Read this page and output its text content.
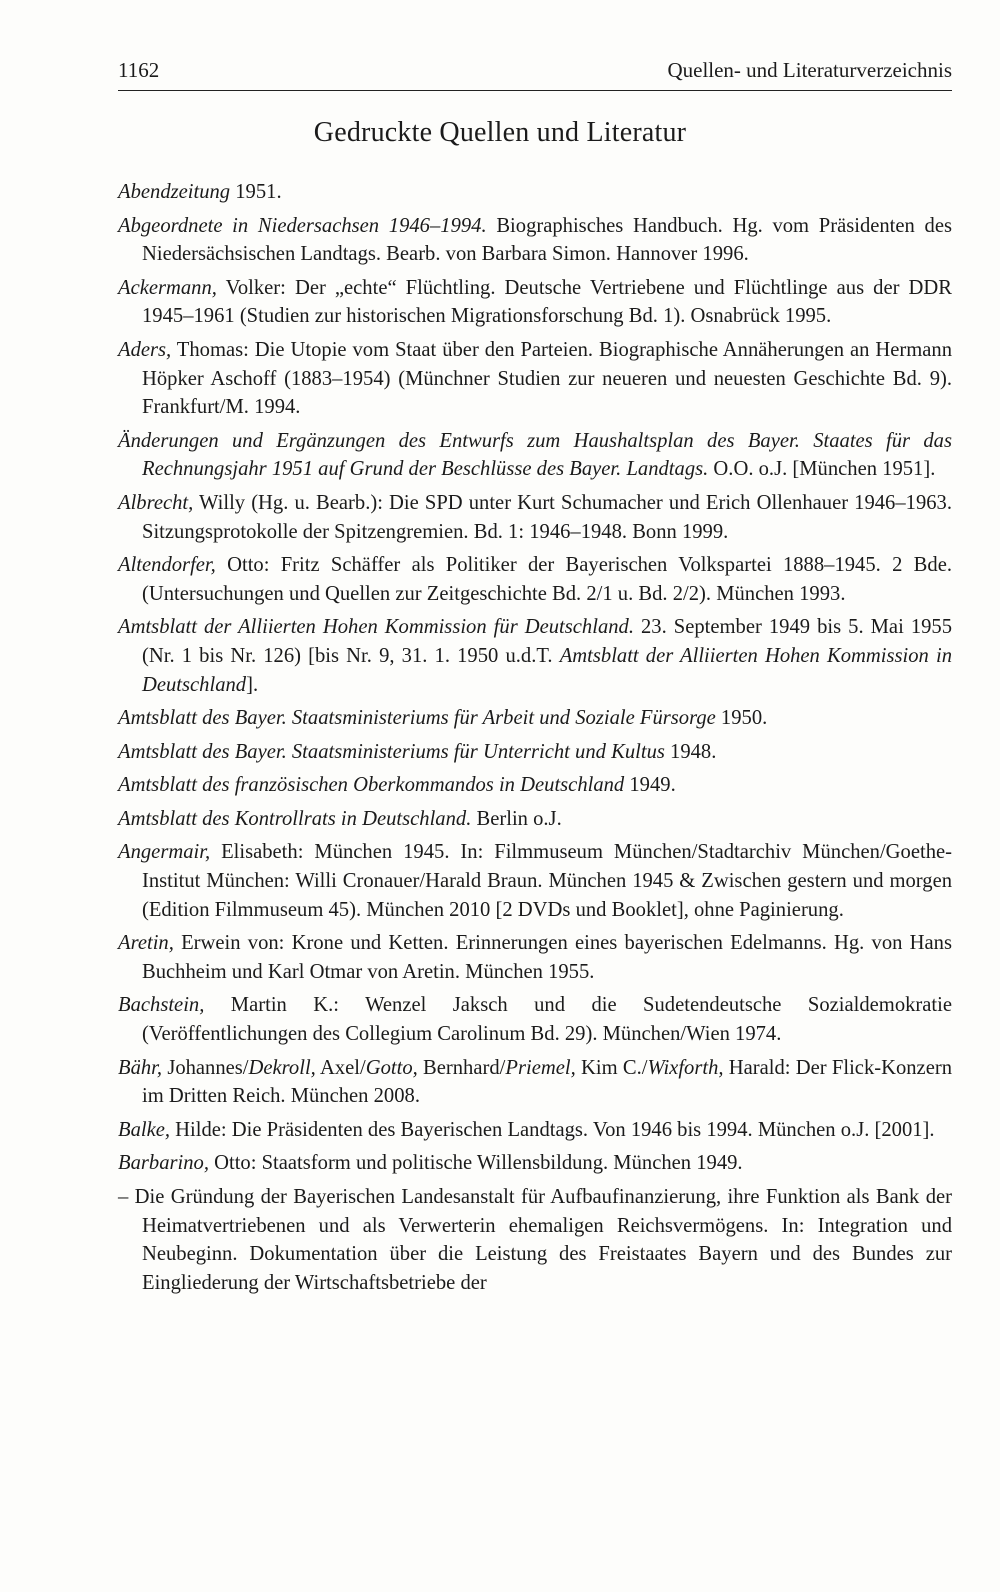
1162	Quellen- und Literaturverzeichnis
Gedruckte Quellen und Literatur

Abendzeitung 1951.

Abgeordnete in Niedersachsen 1946–1994. Biographisches Handbuch. Hg. vom Präsidenten des Niedersächsischen Landtags. Bearb. von Barbara Simon. Hannover 1996.

Ackermann, Volker: Der „echte“ Flüchtling. Deutsche Vertriebene und Flüchtlinge aus der DDR 1945–1961 (Studien zur historischen Migrationsforschung Bd. 1). Osnabrück 1995.

Aders, Thomas: Die Utopie vom Staat über den Parteien. Biographische Annäherungen an Hermann Höpker Aschoff (1883–1954) (Münchner Studien zur neueren und neuesten Geschichte Bd. 9). Frankfurt/M. 1994.

Änderungen und Ergänzungen des Entwurfs zum Haushaltsplan des Bayer. Staates für das Rechnungsjahr 1951 auf Grund der Beschlüsse des Bayer. Landtags. O.O. o.J. [München 1951].

Albrecht, Willy (Hg. u. Bearb.): Die SPD unter Kurt Schumacher und Erich Ollenhauer 1946–1963. Sitzungsprotokolle der Spitzengremien. Bd. 1: 1946–1948. Bonn 1999.

Altendorfer, Otto: Fritz Schäffer als Politiker der Bayerischen Volkspartei 1888–1945. 2 Bde. (Untersuchungen und Quellen zur Zeitgeschichte Bd. 2/1 u. Bd. 2/2). München 1993.

Amtsblatt der Alliierten Hohen Kommission für Deutschland. 23. September 1949 bis 5. Mai 1955 (Nr. 1 bis Nr. 126) [bis Nr. 9, 31. 1. 1950 u.d.T. Amtsblatt der Alliierten Hohen Kommission in Deutschland].

Amtsblatt des Bayer. Staatsministeriums für Arbeit und Soziale Fürsorge 1950.

Amtsblatt des Bayer. Staatsministeriums für Unterricht und Kultus 1948.

Amtsblatt des französischen Oberkommandos in Deutschland 1949.

Amtsblatt des Kontrollrats in Deutschland. Berlin o.J.

Angermair, Elisabeth: München 1945. In: Filmmuseum München/Stadtarchiv München/Goethe-Institut München: Willi Cronauer/Harald Braun. München 1945 & Zwischen gestern und morgen (Edition Filmmuseum 45). München 2010 [2 DVDs und Booklet], ohne Paginierung.

Aretin, Erwein von: Krone und Ketten. Erinnerungen eines bayerischen Edelmanns. Hg. von Hans Buchheim und Karl Otmar von Aretin. München 1955.

Bachstein, Martin K.: Wenzel Jaksch und die Sudetendeutsche Sozialdemokratie (Veröffentlichungen des Collegium Carolinum Bd. 29). München/Wien 1974.

Bähr, Johannes/Dekroll, Axel/Gotto, Bernhard/Priemel, Kim C./Wixforth, Harald: Der Flick-Konzern im Dritten Reich. München 2008.

Balke, Hilde: Die Präsidenten des Bayerischen Landtags. Von 1946 bis 1994. München o.J. [2001].

Barbarino, Otto: Staatsform und politische Willensbildung. München 1949.

– Die Gründung der Bayerischen Landesanstalt für Aufbaufinanzierung, ihre Funktion als Bank der Heimatvertriebenen und als Verwerterin ehemaligen Reichsvermögens. In: Integration und Neubeginn. Dokumentation über die Leistung des Freistaates Bayern und des Bundes zur Eingliederung der Wirtschaftsbetriebe der
